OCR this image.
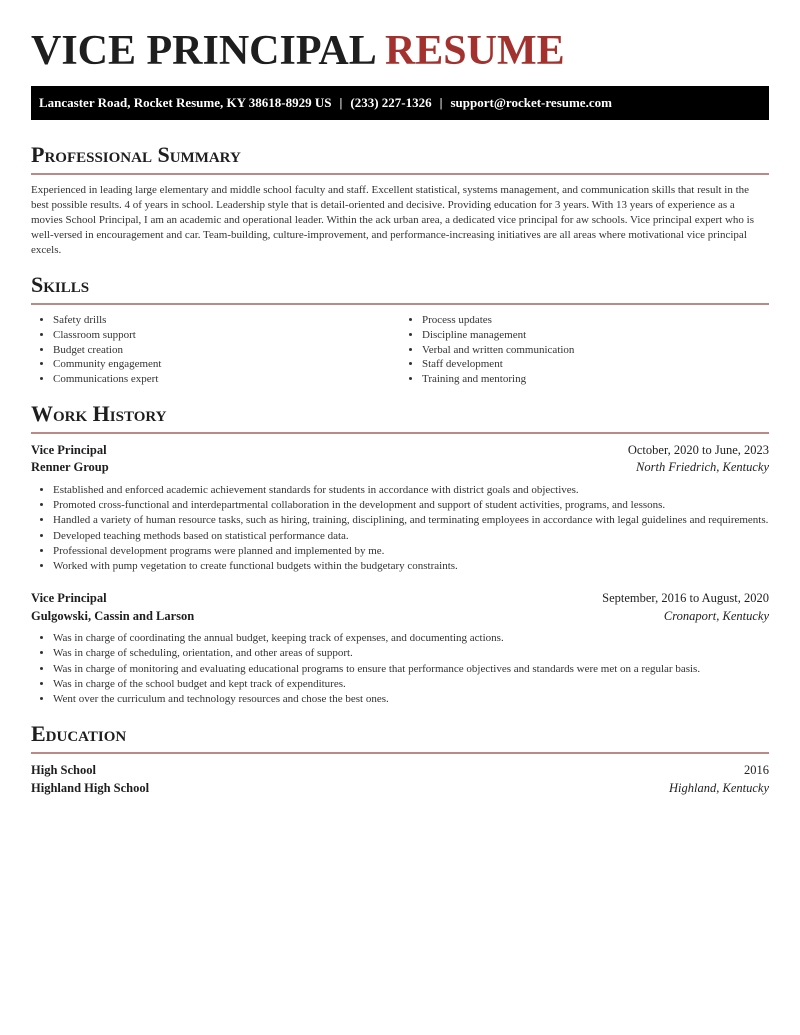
VICE PRINCIPAL RESUME
Lancaster Road, Rocket Resume, KY 38618-8929 US | (233) 227-1326 | support@rocket-resume.com
Professional Summary

Experienced in leading large elementary and middle school faculty and staff. Excellent statistical, systems management, and communication skills that result in the best possible results. 4 of years in school. Leadership style that is detail-oriented and decisive. Providing education for 3 years. With 13 years of experience as a movies School Principal, I am an academic and operational leader. Within the ack urban area, a dedicated vice principal for aw schools. Vice principal expert who is well-versed in encouragement and car. Team-building, culture-improvement, and performance-increasing initiatives are all areas where motivational vice principal excels.

Skills
• Safety drills
• Classroom support
• Budget creation
• Community engagement
• Communications expert
• Process updates
• Discipline management
• Verbal and written communication
• Staff development
• Training and mentoring
Work History
Vice Principal	October, 2020 to June, 2023
Renner Group	North Friedrich, Kentucky
• Established and enforced academic achievement standards for students in accordance with district goals and objectives.
• Promoted cross-functional and interdepartmental collaboration in the development and support of student activities, programs, and lessons.
• Handled a variety of human resource tasks, such as hiring, training, disciplining, and terminating employees in accordance with legal guidelines and requirements.
• Developed teaching methods based on statistical performance data.
• Professional development programs were planned and implemented by me.
• Worked with pump vegetation to create functional budgets within the budgetary constraints.
Vice Principal	September, 2016 to August, 2020
Gulgowski, Cassin and Larson	Cronaport, Kentucky
• Was in charge of coordinating the annual budget, keeping track of expenses, and documenting actions.
• Was in charge of scheduling, orientation, and other areas of support.
• Was in charge of monitoring and evaluating educational programs to ensure that performance objectives and standards were met on a regular basis.
• Was in charge of the school budget and kept track of expenditures.
• Went over the curriculum and technology resources and chose the best ones.
Education
High School	2016
Highland High School	Highland, Kentucky
